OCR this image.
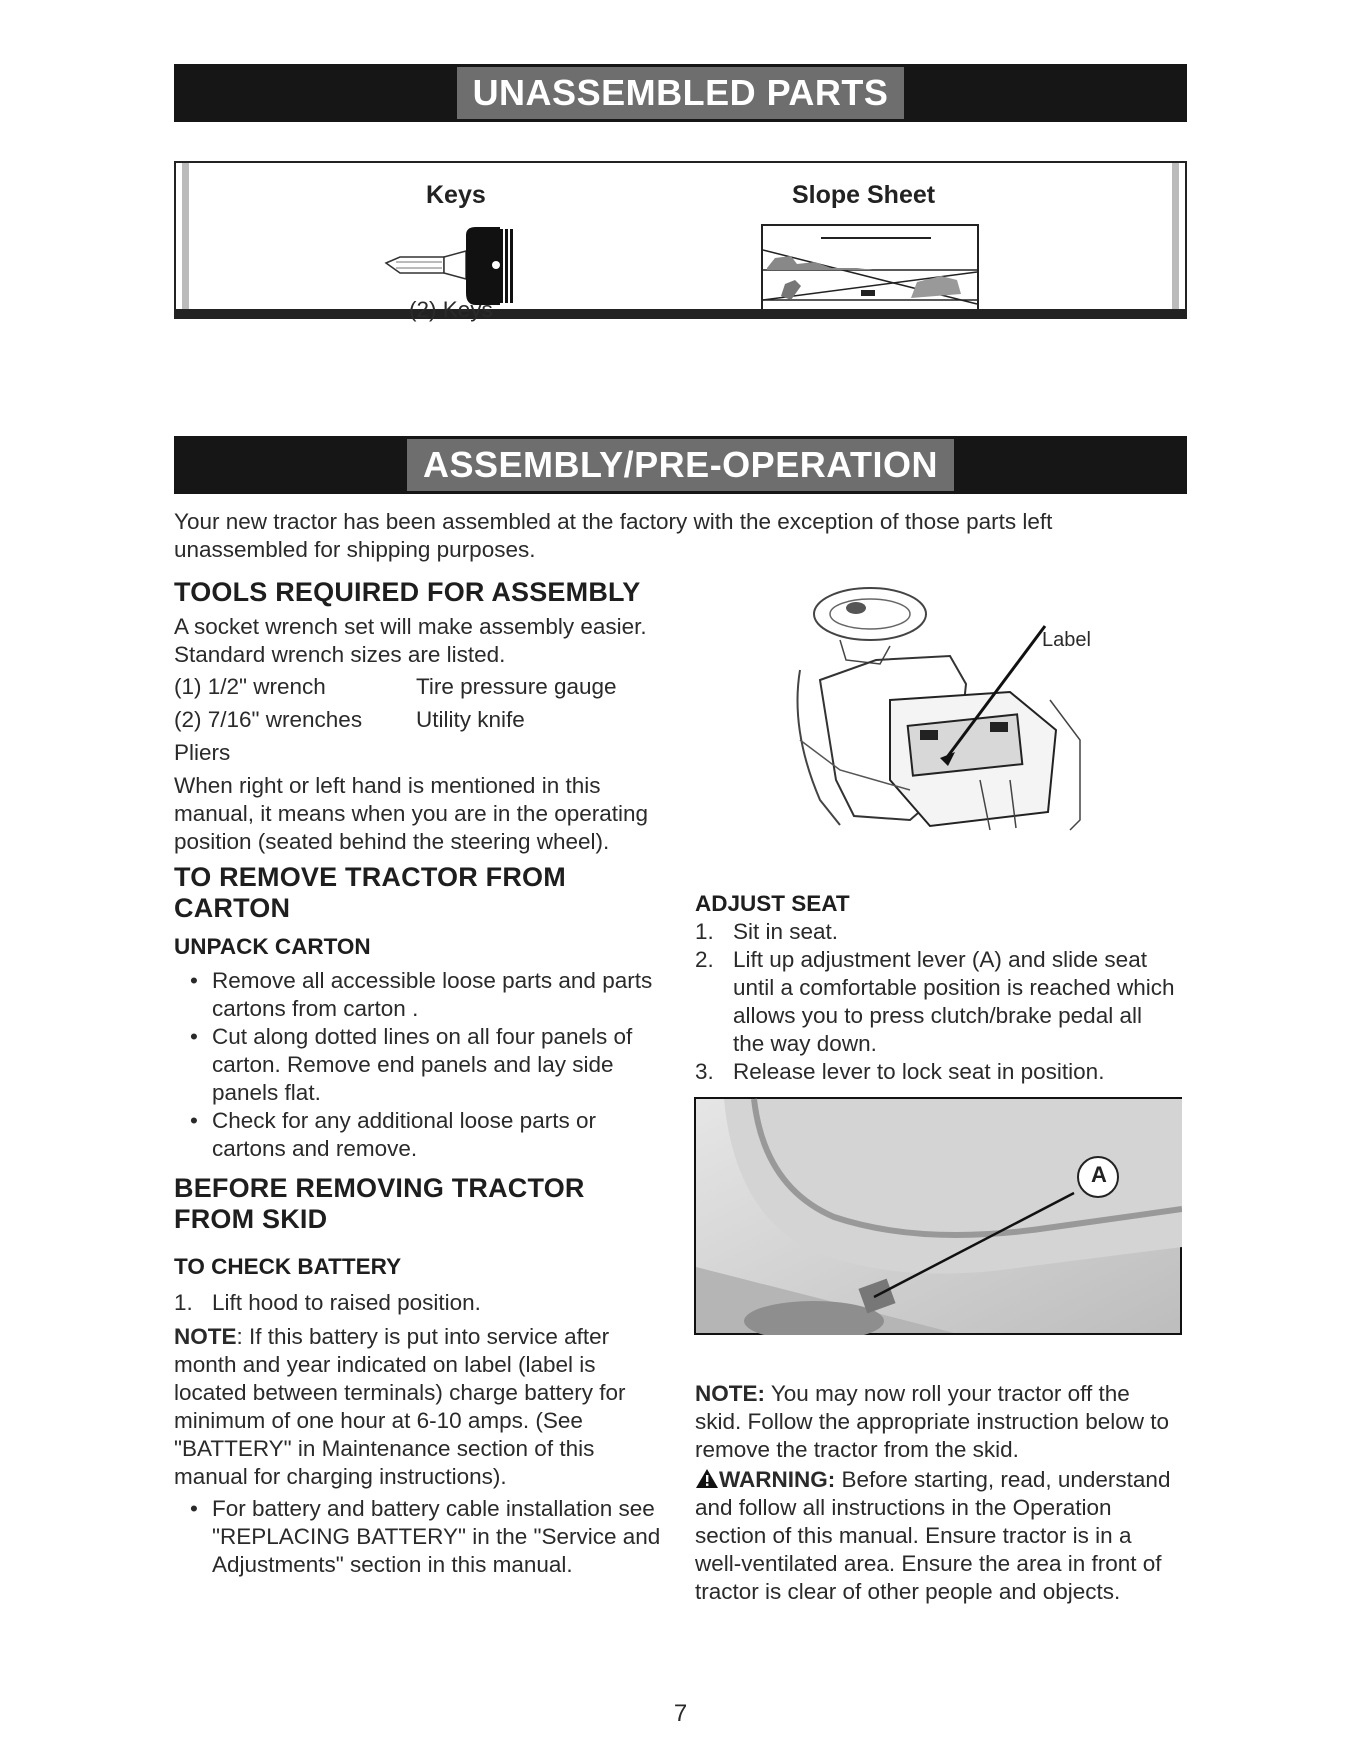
UNASSEMBLED PARTS
Keys
(2) Keys
Slope Sheet
ASSEMBLY/PRE-OPERATION
Your new tractor has been assembled at the factory with the exception of those parts left unassembled for shipping purposes.
TOOLS REQUIRED FOR ASSEMBLY
A socket wrench set will make assembly easier. Standard wrench sizes are listed.
(1) 1/2" wrench	Tire pressure gauge
(2) 7/16" wrenches	Utility knife
Pliers
When right or left hand is mentioned in this manual, it means when you are in the operating position (seated behind the steering wheel).
TO REMOVE TRACTOR FROM CARTON
UNPACK CARTON
• Remove all accessible loose parts and parts cartons from carton .
• Cut along dotted lines on all four panels of carton. Remove end panels and lay side panels flat.
• Check for any additional loose parts or cartons and remove.
BEFORE REMOVING TRACTOR FROM SKID
TO CHECK BATTERY
1. Lift hood to raised position.
NOTE: If this battery is put into service after month and year indicated on label (label is located between terminals) charge battery for minimum of one hour at 6-10 amps. (See "BATTERY" in Maintenance section of this manual for charging instructions).
• For battery and battery cable installation see "REPLACING BATTERY" in the "Service and Adjustments" section in this manual.
Label
ADJUST SEAT
1. Sit in seat.
2. Lift up adjustment lever (A) and slide seat until a comfortable position is reached which allows you to press clutch/brake pedal all the way down.
3. Release lever to lock seat in position.
A
NOTE: You may now roll your tractor off the skid. Follow the appropriate instruction below to remove the tractor from the skid.
WARNING: Before starting, read, understand and follow all instructions in the Operation section of this manual. Ensure tractor is in a well-ventilated area. Ensure the area in front of tractor is clear of other people and objects.
7
